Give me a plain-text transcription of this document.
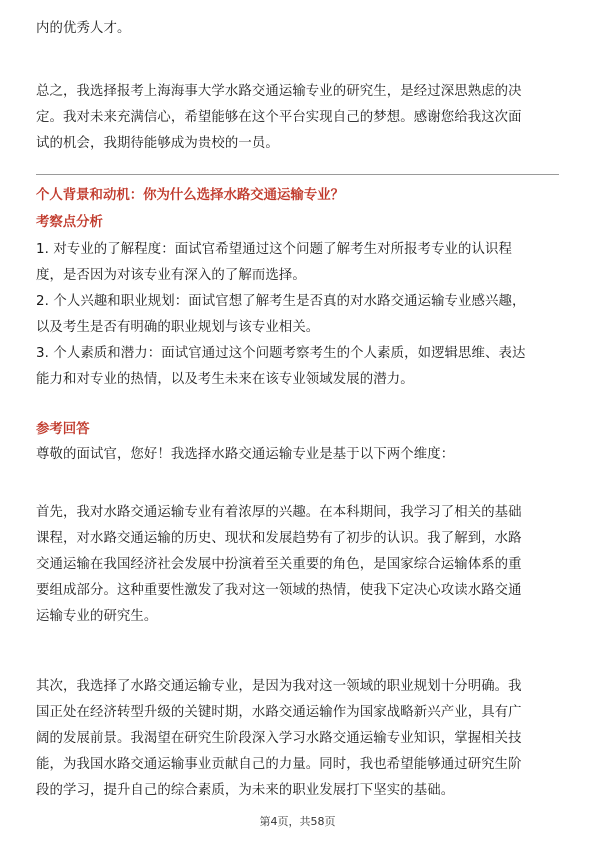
内的优秀人才。

总之，我选择报考上海海事大学水路交通运输专业的研究生，是经过深思熟虑的决
定。我对未来充满信心，希望能够在这个平台实现自己的梦想。感谢您给我这次面
试的机会，我期待能够成为贵校的一员。

个人背景和动机：你为什么选择水路交通运输专业？
考察点分析

1. 对专业的了解程度：面试官希望通过这个问题了解考生对所报考专业的认识程
度，是否因为对该专业有深入的了解而选择。
2. 个人兴趣和职业规划：面试官想了解考生是否真的对水路交通运输专业感兴趣，
以及考生是否有明确的职业规划与该专业相关。
3. 个人素质和潜力：面试官通过这个问题考察考生的个人素质，如逻辑思维、表达
能力和对专业的热情，以及考生未来在该专业领域发展的潜力。

参考回答

尊敬的面试官，您好！我选择水路交通运输专业是基于以下两个维度：

首先，我对水路交通运输专业有着浓厚的兴趣。在本科期间，我学习了相关的基础
课程，对水路交通运输的历史、现状和发展趋势有了初步的认识。我了解到，水路
交通运输在我国经济社会发展中扮演着至关重要的角色，是国家综合运输体系的重
要组成部分。这种重要性激发了我对这一领域的热情，使我下定决心攻读水路交通
运输专业的研究生。

其次，我选择了水路交通运输专业，是因为我对这一领域的职业规划十分明确。我
国正处在经济转型升级的关键时期，水路交通运输作为国家战略新兴产业，具有广
阔的发展前景。我渴望在研究生阶段深入学习水路交通运输专业知识，掌握相关技
能，为我国水路交通运输事业贡献自己的力量。同时，我也希望能够通过研究生阶
段的学习，提升自己的综合素质，为未来的职业发展打下坚实的基础。

第4页，共58页
